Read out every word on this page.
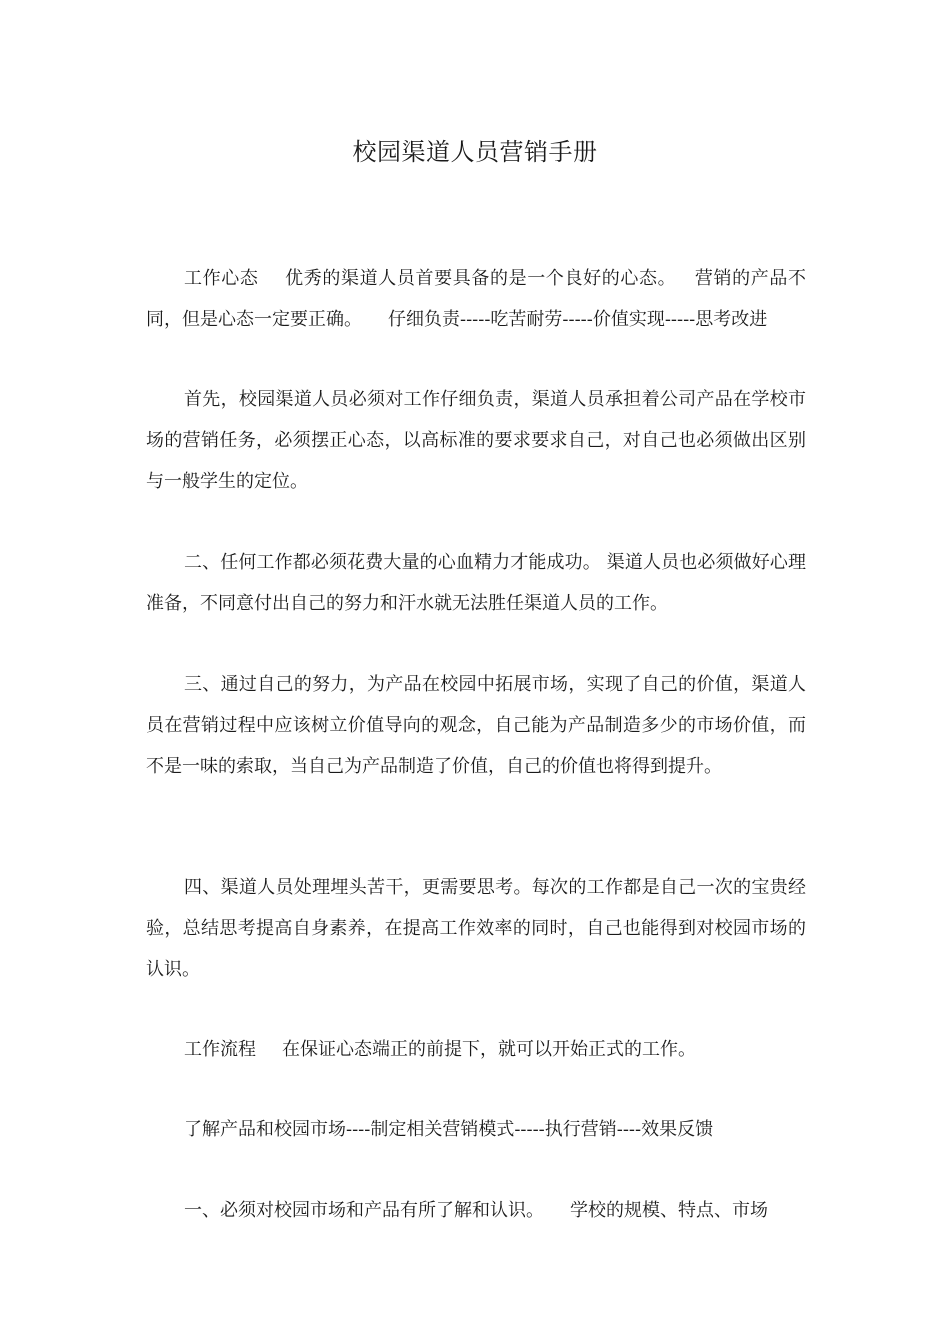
校园渠道人员营销手册

工作心态 优秀的渠道人员首要具备的是一个良好的心态。 营销的产品不同，但是心态一定要正确。 仔细负责-----吃苦耐劳-----价值实现-----思考改进

首先，校园渠道人员必须对工作仔细负责，渠道人员承担着公司产品在学校市场的营销任务，必须摆正心态，以高标准的要求要求自己，对自己也必须做出区别与一般学生的定位。

二、任何工作都必须花费大量的心血精力才能成功。 渠道人员也必须做好心理准备，不同意付出自己的努力和汗水就无法胜任渠道人员的工作。

三、通过自己的努力，为产品在校园中拓展市场，实现了自己的价值，渠道人员在营销过程中应该树立价值导向的观念，自己能为产品制造多少的市场价值，而不是一味的索取，当自己为产品制造了价值，自己的价值也将得到提升。

四、渠道人员处理埋头苦干，更需要思考。每次的工作都是自己一次的宝贵经验，总结思考提高自身素养，在提高工作效率的同时，自己也能得到对校园市场的认识。

工作流程 在保证心态端正的前提下，就可以开始正式的工作。

了解产品和校园市场----制定相关营销模式-----执行营销----效果反馈

一、必须对校园市场和产品有所了解和认识。 学校的规模、特点、市场
